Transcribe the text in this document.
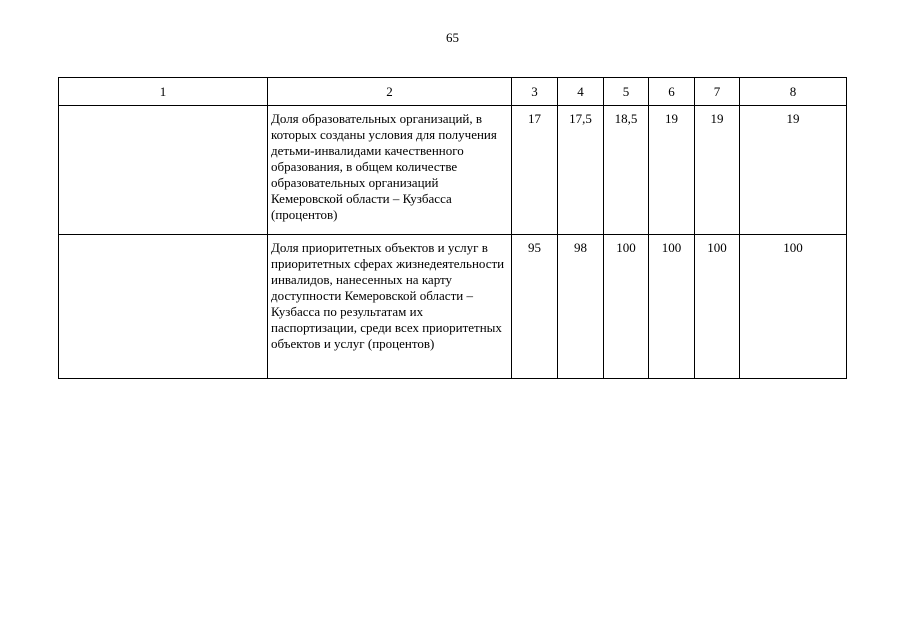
65
1	2	3	4	5	6	7	8
	Доля образовательных организаций, в которых созданы условия для получения детьми-инвалидами качественного образования, в общем количестве образовательных организаций Кемеровской области – Кузбасса (процентов)	17	17,5	18,5	19	19	19
	Доля приоритетных объектов и услуг в приоритетных сферах жизнедеятельности инвалидов, нанесенных на карту доступности Кемеровской области – Кузбасса по результатам их паспортизации, среди всех приоритетных объектов и услуг (процентов)	95	98	100	100	100	100
